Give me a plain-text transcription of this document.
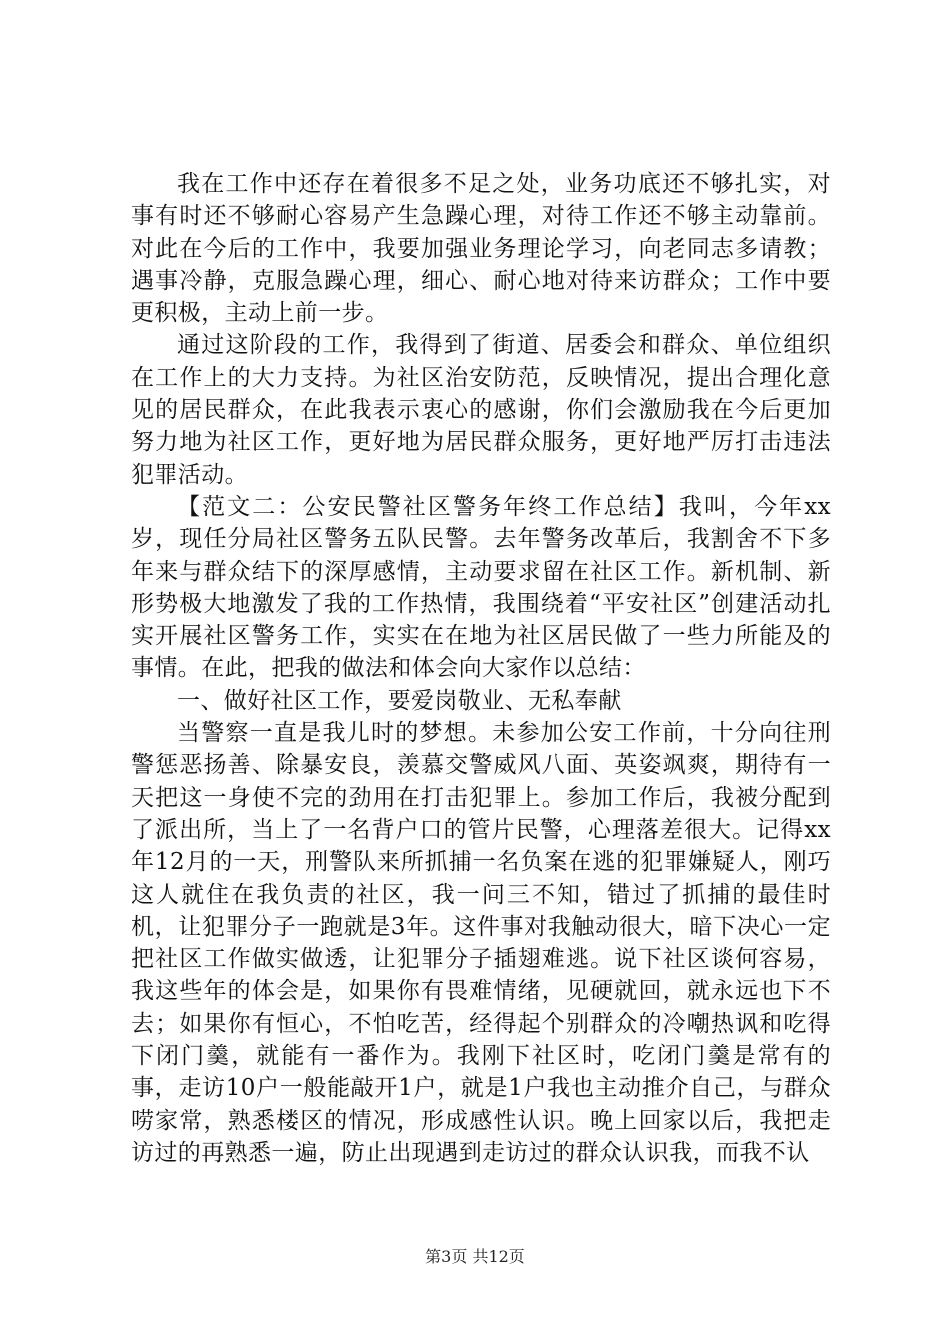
我在工作中还存在着很多不足之处，业务功底还不够扎实，对事有时还不够耐心容易产生急躁心理，对待工作还不够主动靠前。对此在今后的工作中，我要加强业务理论学习，向老同志多请教；遇事冷静，克服急躁心理，细心、耐心地对待来访群众；工作中要更积极，主动上前一步。

通过这阶段的工作，我得到了街道、居委会和群众、单位组织在工作上的大力支持。为社区治安防范，反映情况，提出合理化意见的居民群众，在此我表示衷心的感谢，你们会激励我在今后更加努力地为社区工作，更好地为居民群众服务，更好地严厉打击违法犯罪活动。

【范文二：公安民警社区警务年终工作总结】我叫，今年xx岁，现任分局社区警务五队民警。去年警务改革后，我割舍不下多年来与群众结下的深厚感情，主动要求留在社区工作。新机制、新形势极大地激发了我的工作热情，我围绕着“平安社区”创建活动扎实开展社区警务工作，实实在在地为社区居民做了一些力所能及的事情。在此，把我的做法和体会向大家作以总结：

一、做好社区工作，要爱岗敬业、无私奉献

当警察一直是我儿时的梦想。未参加公安工作前，十分向往刑警惩恶扬善、除暴安良，羡慕交警威风八面、英姿飒爽，期待有一天把这一身使不完的劲用在打击犯罪上。参加工作后，我被分配到了派出所，当上了一名背户口的管片民警，心理落差很大。记得xx年12月的一天，刑警队来所抓捕一名负案在逃的犯罪嫌疑人，刚巧这人就住在我负责的社区，我一问三不知，错过了抓捕的最佳时机，让犯罪分子一跑就是3年。这件事对我触动很大，暗下决心一定把社区工作做实做透，让犯罪分子插翅难逃。说下社区谈何容易，我这些年的体会是，如果你有畏难情绪，见硬就回，就永远也下不去；如果你有恒心，不怕吃苦，经得起个别群众的冷嘲热讽和吃得下闭门羹，就能有一番作为。我刚下社区时，吃闭门羹是常有的事，走访10户一般能敲开1户，就是1户我也主动推介自己，与群众唠家常，熟悉楼区的情况，形成感性认识。晚上回家以后，我把走访过的再熟悉一遍，防止出现遇到走访过的群众认识我，而我不认

第3页 共12页
